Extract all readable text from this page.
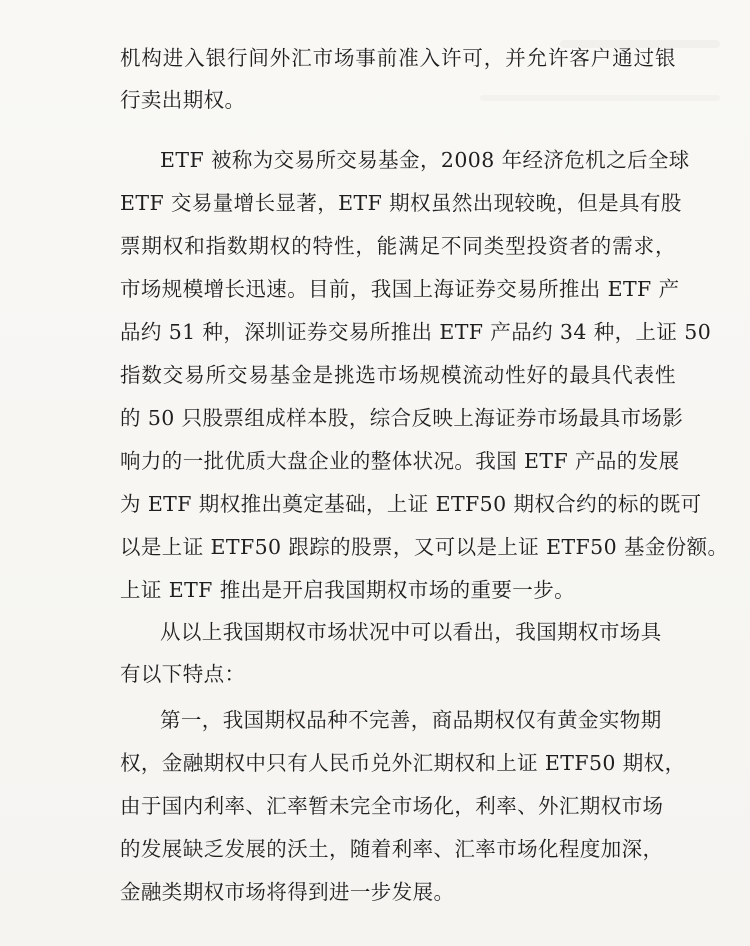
机构进入银行间外汇市场事前准入许可，并允许客户通过银
行卖出期权。
ETF 被称为交易所交易基金，2008 年经济危机之后全球
ETF 交易量增长显著，ETF 期权虽然出现较晚，但是具有股
票期权和指数期权的特性，能满足不同类型投资者的需求，
市场规模增长迅速。目前，我国上海证券交易所推出 ETF 产
品约 51 种，深圳证券交易所推出 ETF 产品约 34 种，上证 50
指数交易所交易基金是挑选市场规模流动性好的最具代表性
的 50 只股票组成样本股，综合反映上海证券市场最具市场影
响力的一批优质大盘企业的整体状况。我国 ETF 产品的发展
为 ETF 期权推出奠定基础，上证 ETF50 期权合约的标的既可
以是上证 ETF50 跟踪的股票，又可以是上证 ETF50 基金份额。
上证 ETF 推出是开启我国期权市场的重要一步。
从以上我国期权市场状况中可以看出，我国期权市场具
有以下特点：
第一，我国期权品种不完善，商品期权仅有黄金实物期
权，金融期权中只有人民币兑外汇期权和上证 ETF50 期权，
由于国内利率、汇率暂未完全市场化，利率、外汇期权市场
的发展缺乏发展的沃土，随着利率、汇率市场化程度加深，
金融类期权市场将得到进一步发展。
